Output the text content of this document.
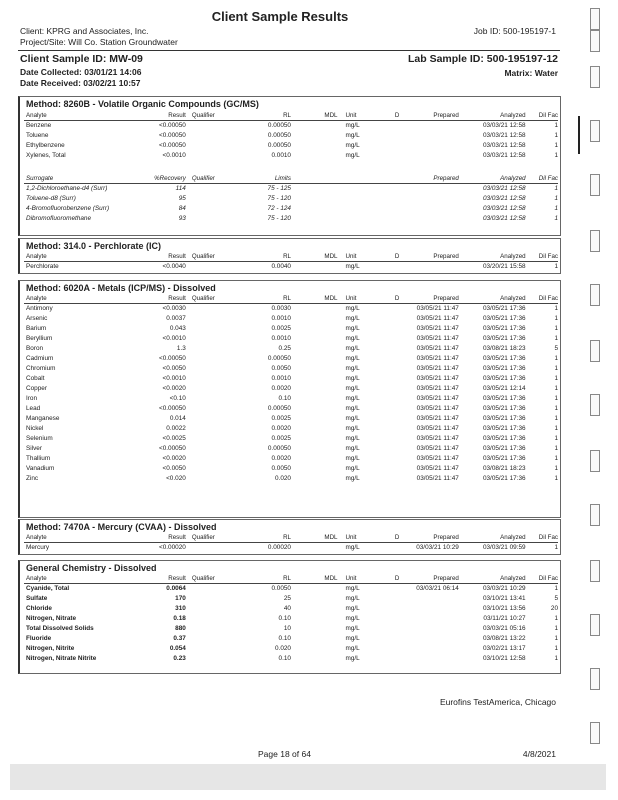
Client Sample Results
Client: KPRG and Associates, Inc.
Project/Site: Will Co. Station Groundwater
Job ID: 500-195197-1
Client Sample ID: MW-09	Lab Sample ID: 500-195197-12
Date Collected: 03/01/21 14:06
Date Received: 03/02/21 10:57
Matrix: Water
Method: 8260B - Volatile Organic Compounds (GC/MS)
Analyte	Result	Qualifier	RL	MDL	Unit	D	Prepared	Analyzed	Dil Fac
Benzene	<0.00050		0.00050		mg/L			03/03/21 12:58	1
Toluene	<0.00050		0.00050		mg/L			03/03/21 12:58	1
Ethylbenzene	<0.00050		0.00050		mg/L			03/03/21 12:58	1
Xylenes, Total	<0.0010		0.0010		mg/L			03/03/21 12:58	1
Surrogate	%Recovery	Qualifier	Limits				Prepared	Analyzed	Dil Fac
1,2-Dichloroethane-d4 (Surr)	114		75 - 125					03/03/21 12:58	1
Toluene-d8 (Surr)	95		75 - 120					03/03/21 12:58	1
4-Bromofluorobenzene (Surr)	84		72 - 124					03/03/21 12:58	1
Dibromofluoromethane	93		75 - 120					03/03/21 12:58	1
Method: 314.0 - Perchlorate (IC)
Analyte	Result	Qualifier	RL	MDL	Unit	D	Prepared	Analyzed	Dil Fac
Perchlorate	<0.0040		0.0040		mg/L			03/20/21 15:58	1
Method: 6020A - Metals (ICP/MS) - Dissolved
Analyte	Result	Qualifier	RL	MDL	Unit	D	Prepared	Analyzed	Dil Fac
Antimony	<0.0030		0.0030		mg/L		03/05/21 11:47	03/05/21 17:36	1
Arsenic	0.0037		0.0010		mg/L		03/05/21 11:47	03/05/21 17:36	1
Barium	0.043		0.0025		mg/L		03/05/21 11:47	03/05/21 17:36	1
Beryllium	<0.0010		0.0010		mg/L		03/05/21 11:47	03/05/21 17:36	1
Boron	1.3		0.25		mg/L		03/05/21 11:47	03/08/21 18:23	5
Cadmium	<0.00050		0.00050		mg/L		03/05/21 11:47	03/05/21 17:36	1
Chromium	<0.0050		0.0050		mg/L		03/05/21 11:47	03/05/21 17:36	1
Cobalt	<0.0010		0.0010		mg/L		03/05/21 11:47	03/05/21 17:36	1
Copper	<0.0020		0.0020		mg/L		03/05/21 11:47	03/05/21 12:14	1
Iron	<0.10		0.10		mg/L		03/05/21 11:47	03/05/21 17:36	1
Lead	<0.00050		0.00050		mg/L		03/05/21 11:47	03/05/21 17:36	1
Manganese	0.014		0.0025		mg/L		03/05/21 11:47	03/05/21 17:36	1
Nickel	0.0022		0.0020		mg/L		03/05/21 11:47	03/05/21 17:36	1
Selenium	<0.0025		0.0025		mg/L		03/05/21 11:47	03/05/21 17:36	1
Silver	<0.00050		0.00050		mg/L		03/05/21 11:47	03/05/21 17:36	1
Thallium	<0.0020		0.0020		mg/L		03/05/21 11:47	03/05/21 17:36	1
Vanadium	<0.0050		0.0050		mg/L		03/05/21 11:47	03/08/21 18:23	1
Zinc	<0.020		0.020		mg/L		03/05/21 11:47	03/05/21 17:36	1
Method: 7470A - Mercury (CVAA) - Dissolved
Analyte	Result	Qualifier	RL	MDL	Unit	D	Prepared	Analyzed	Dil Fac
Mercury	<0.00020		0.00020		mg/L		03/03/21 10:29	03/03/21 09:59	1
General Chemistry - Dissolved
Analyte	Result	Qualifier	RL	MDL	Unit	D	Prepared	Analyzed	Dil Fac
Cyanide, Total	0.0064		0.0050		mg/L		03/03/21 06:14	03/03/21 10:29	1
Sulfate	170		25		mg/L			03/10/21 13:41	5
Chloride	310		40		mg/L			03/10/21 13:56	20
Nitrogen, Nitrate	0.18		0.10		mg/L			03/11/21 10:27	1
Total Dissolved Solids	880		10		mg/L			03/03/21 05:16	1
Fluoride	0.37		0.10		mg/L			03/08/21 13:22	1
Nitrogen, Nitrite	0.054		0.020		mg/L			03/02/21 13:17	1
Nitrogen, Nitrate Nitrite	0.23		0.10		mg/L			03/10/21 12:58	1
Eurofins TestAmerica, Chicago
Page 18 of 64	4/8/2021
